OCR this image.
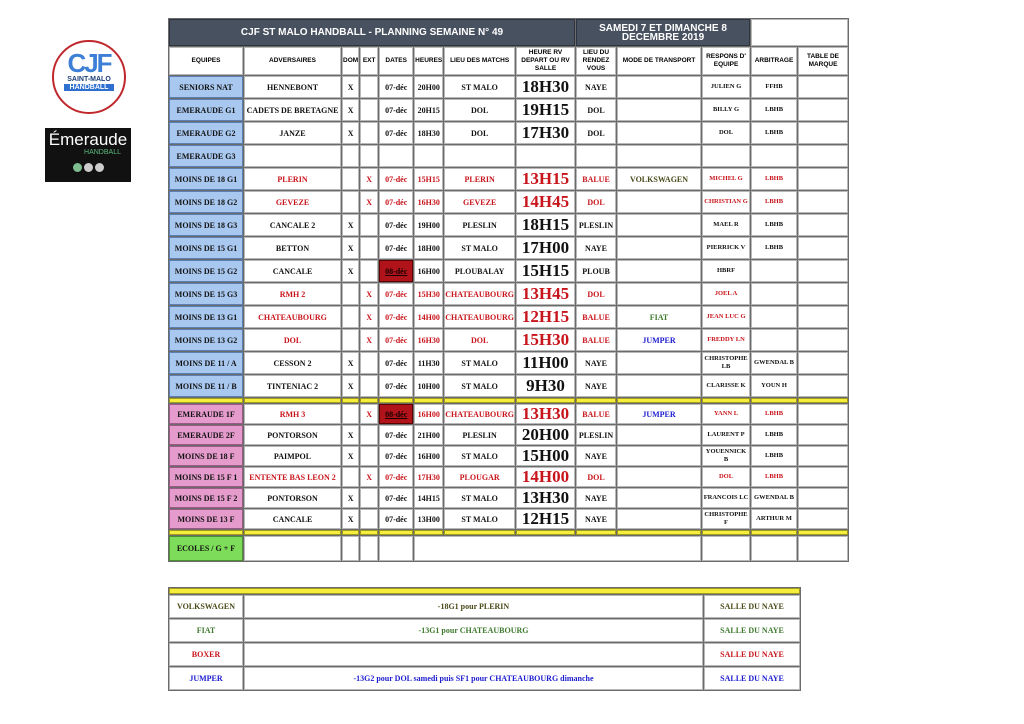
CJF
SAINT-MALO
HANDBALL
Émeraude
HANDBALL
CJF ST MALO HANDBALL - PLANNING SEMAINE N° 49								SAMEDI 7 ET DIMANCHE 8 DECEMBRE 2019				
EQUIPES	ADVERSAIRES	DOM	EXT	DATES	HEURES	LIEU DES MATCHS	HEURE RV DEPART OU RV SALLE	LIEU DU RENDEZ VOUS	MODE DE TRANSPORT	RESPONS D' EQUIPE	ARBITRAGE	TABLE DE MARQUE
SENIORS NAT	HENNEBONT	X		07-déc	20H00	ST MALO	18H30	NAYE		JULIEN G	FFHB	
EMERAUDE G1	CADETS DE BRETAGNE	X		07-déc	20H15	DOL	19H15	DOL		BILLY G	LBHB	
EMERAUDE G2	JANZE	X		07-déc	18H30	DOL	17H30	DOL		DOL	LBHB	
EMERAUDE G3												
MOINS DE 18 G1	PLERIN		X	07-déc	15H15	PLERIN	13H15	BALUE	VOLKSWAGEN	MICHEL G	LBHB	
MOINS DE 18 G2	GEVEZE		X	07-déc	16H30	GEVEZE	14H45	DOL		CHRISTIAN G	LBHB	
MOINS DE 18 G3	CANCALE 2	X		07-déc	19H00	PLESLIN	18H15	PLESLIN		MAEL R	LBHB	
MOINS DE 15 G1	BETTON	X		07-déc	18H00	ST MALO	17H00	NAYE		PIERRICK V	LBHB	
MOINS DE 15 G2	CANCALE	X		08-déc	16H00	PLOUBALAY	15H15	PLOUB		HBRF		
MOINS DE 15 G3	RMH 2		X	07-déc	15H30	CHATEAUBOURG	13H45	DOL		JOEL A		
MOINS DE 13 G1	CHATEAUBOURG		X	07-déc	14H00	CHATEAUBOURG	12H15	BALUE	FIAT	JEAN LUC G		
MOINS DE 13 G2	DOL		X	07-déc	16H30	DOL	15H30	BALUE	JUMPER	FREDDY LN		
MOINS DE 11 / A	CESSON 2	X		07-déc	11H30	ST MALO	11H00	NAYE		CHRISTOPHE LB	GWENDAL B	
MOINS DE 11 / B	TINTENIAC 2	X		07-déc	10H00	ST MALO	9H30	NAYE		CLARISSE K	YOUN H	

EMERAUDE 1F	RMH 3		X	08-déc	16H00	CHATEAUBOURG	13H30	BALUE	JUMPER	YANN L	LBHB	
EMERAUDE 2F	PONTORSON	X		07-déc	21H00	PLESLIN	20H00	PLESLIN		LAURENT P	LBHB	
MOINS DE 18 F	PAIMPOL	X		07-déc	16H00	ST MALO	15H00	NAYE		YOUENNICK B	LBHB	
MOINS DE 15 F 1	ENTENTE BAS LEON 2		X	07-déc	17H30	PLOUGAR	14H00	DOL		DOL	LBHB	
MOINS DE 15 F 2	PONTORSON	X		07-déc	14H15	ST MALO	13H30	NAYE		FRANCOIS LC	GWENDAL B	
MOINS DE 13 F	CANCALE	X		07-déc	13H00	ST MALO	12H15	NAYE		CHRISTOPHE F	ARTHUR M	

ECOLES / G + F												

VOLKSWAGEN	-18G1 pour PLERIN	SALLE DU NAYE
FIAT	-13G1 pour CHATEAUBOURG	SALLE DU NAYE
BOXER		SALLE DU NAYE
JUMPER	-13G2 pour DOL samedi puis SF1 pour CHATEAUBOURG dimanche	SALLE DU NAYE
